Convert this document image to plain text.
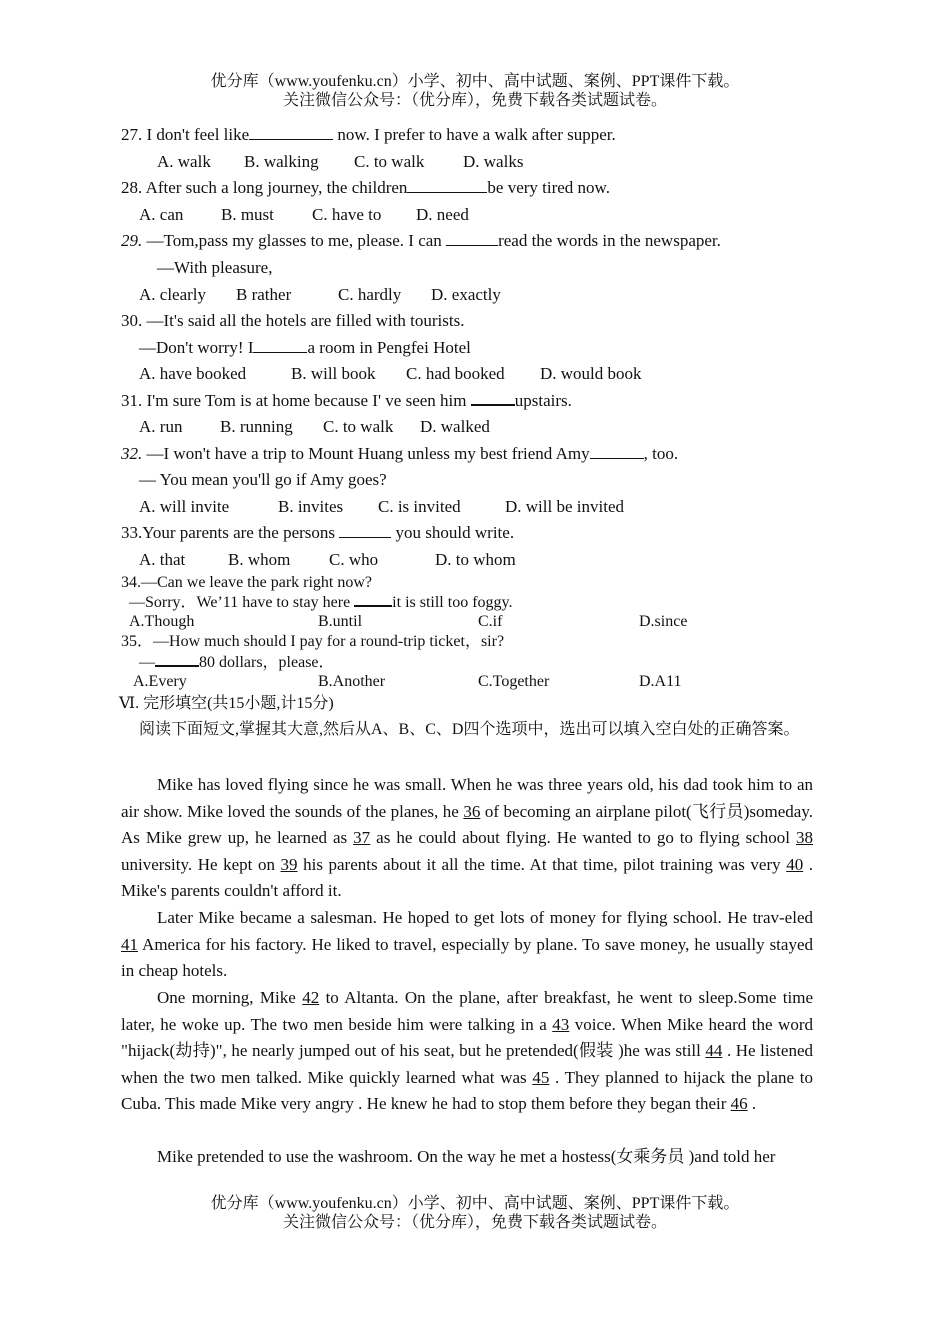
优分库（www.youfenku.cn）小学、初中、高中试题、案例、PPT课件下载。
关注微信公众号：（优分库），免费下载各类试题试卷。
27. I don't feel like	now. I prefer to have a walk after supper.
A. walk B. walking C. to walk D. walks
28. After such a long journey, the children	be very tired now.
A. can B. must C. have to D. need
29. —Tom,pass my glasses to me, please. I can	read the words in the newspaper.
—With pleasure,
A. clearly B rather	C. hardly D. exactly
30. —It's said all the hotels are filled with tourists.
—Don't worry! I	a room in Pengfei Hotel
A. have booked	B. will book C. had booked D. would book
31. I'm sure Tom is at home because I' ve seen him	upstairs.
A. run B. running C. to walk D. walked
32. —I won't have a trip to Mount Huang unless my best friend Amy	, too.
— You mean you'll go if Amy goes?
A. will invite	B. invites C. is invited	D. will be invited
33.Your parents are the persons	you should write.
A. that	B. whom C. who	D. to whom
34.—Can we leave the park right now?
—Sorry．We’11 have to stay here it is still too foggy.
A.Though	B.until	C.if	D.since
35．—How much should I pay for a round-trip ticket，sir?
—	80 dollars，please．
A.Every	B.Another	C.Together	D.A11
Ⅵ. 完形填空(共15小题,计15分)
阅读下面短文,掌握其大意,然后从A、B、C、D四个选项中，选出可以填入空白处的正确答案。
Mike has loved flying since he was small. When he was three years old, his dad took him to an air show. Mike loved the sounds of the planes, he 36 of becoming an airplane pilot(飞行员)someday. As Mike grew up, he learned as 37 as he could about flying. He wanted to go to flying school 38 university. He kept on 39 his parents about it all the time. At that time, pilot training was very 40 . Mike's parents couldn't afford it.
Later Mike became a salesman. He hoped to get lots of money for flying school. He trav-eled 41 America for his factory. He liked to travel, especially by plane. To save money, he usually stayed in cheap hotels.
One morning, Mike 42 to Altanta. On the plane, after breakfast, he went to sleep.Some time later, he woke up. The two men beside him were talking in a 43 voice. When Mike heard the word "hijack(劫持)", he nearly jumped out of his seat, but he pretended(假装 )he was still 44 . He listened when the two men talked. Mike quickly learned what was 45 . They planned to hijack the plane to Cuba. This made Mike very angry . He knew he had to stop them before they began their 46 .
Mike pretended to use the washroom. On the way he met a hostess(女乘务员 )and told her
优分库（www.youfenku.cn）小学、初中、高中试题、案例、PPT课件下载。
关注微信公众号：（优分库），免费下载各类试题试卷。
